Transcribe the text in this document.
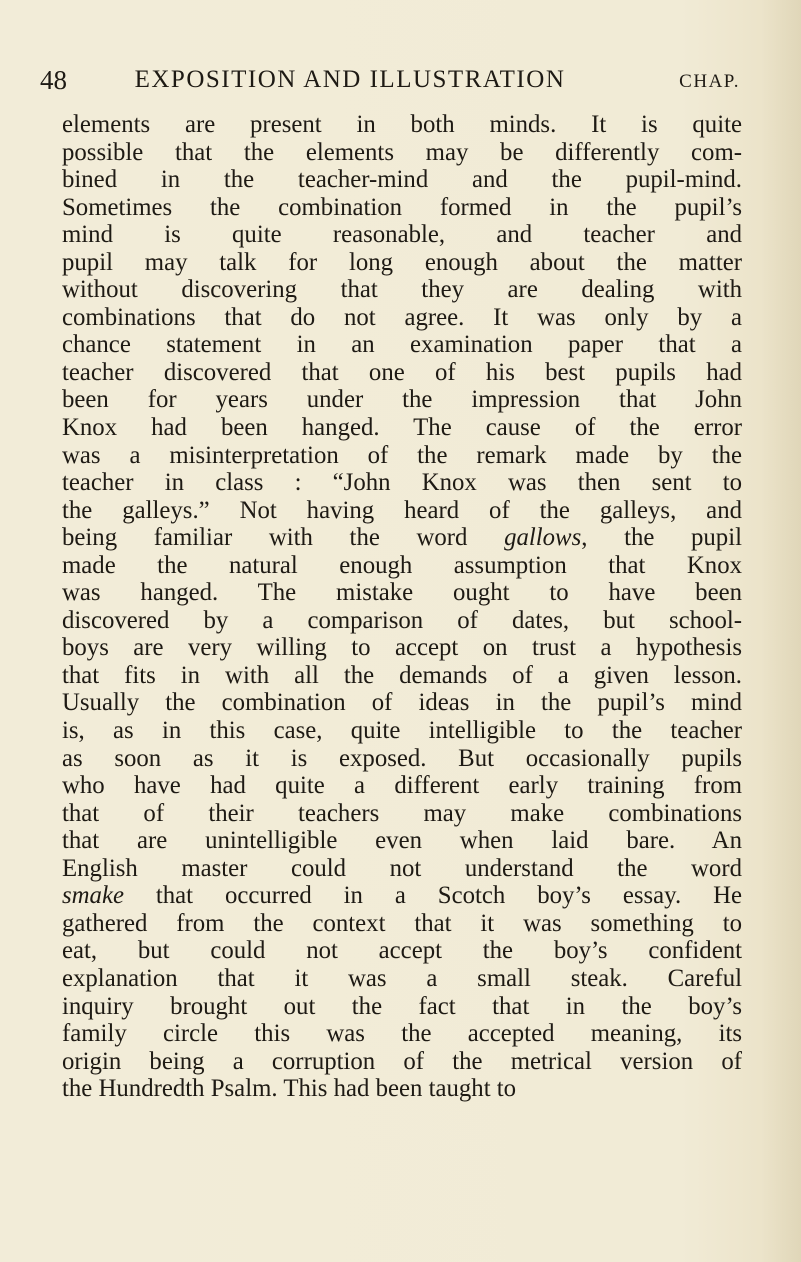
48	EXPOSITION AND ILLUSTRATION	CHAP.
elements are present in both minds. It is quite
possible that the elements may be differently com-
bined in the teacher-mind and the pupil-mind.
Sometimes the combination formed in the pupil’s
mind is quite reasonable, and teacher and
pupil may talk for long enough about the matter
without discovering that they are dealing with
combinations that do not agree. It was only by a
chance statement in an examination paper that a
teacher discovered that one of his best pupils had
been for years under the impression that John
Knox had been hanged. The cause of the error
was a misinterpretation of the remark made by the
teacher in class : “John Knox was then sent to
the galleys.” Not having heard of the galleys, and
being familiar with the word gallows, the pupil
made the natural enough assumption that Knox
was hanged. The mistake ought to have been
discovered by a comparison of dates, but school-
boys are very willing to accept on trust a hypothesis
that fits in with all the demands of a given lesson.
Usually the combination of ideas in the pupil’s mind
is, as in this case, quite intelligible to the teacher
as soon as it is exposed. But occasionally pupils
who have had quite a different early training from
that of their teachers may make combinations
that are unintelligible even when laid bare. An
English master could not understand the word
smake that occurred in a Scotch boy’s essay. He
gathered from the context that it was something to
eat, but could not accept the boy’s confident
explanation that it was a small steak. Careful
inquiry brought out the fact that in the boy’s
family circle this was the accepted meaning, its
origin being a corruption of the metrical version of
the Hundredth Psalm. This had been taught to
